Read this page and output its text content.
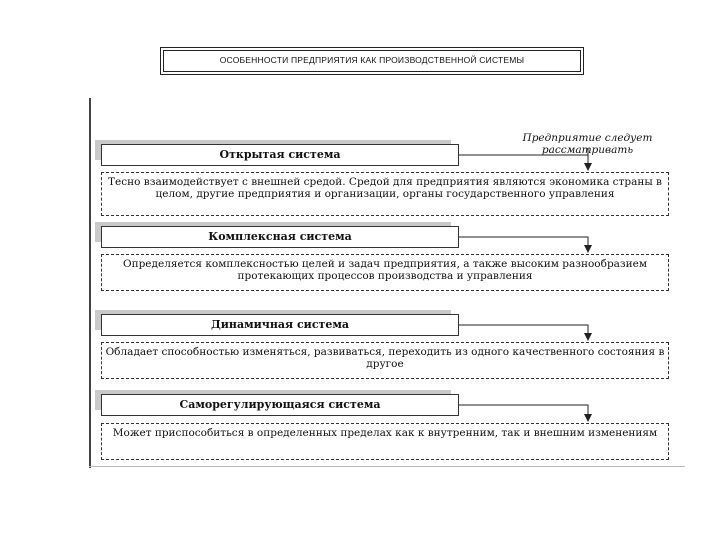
ОСОБЕННОСТИ ПРЕДПРИЯТИЯ КАК ПРОИЗВОДСТВЕННОЙ СИСТЕМЫ
Предприятие следует рассматривать
Открытая система
Тесно взаимодействует с внешней средой. Средой для предприятия являются экономика страны в целом, другие предприятия и организации, органы государственного управления
Комплексная система
Определяется комплексностью целей и задач предприятия, а также высоким разнообразием протекающих процессов производства и управления
Динамичная система
Обладает способностью изменяться, развиваться, переходить из одного качественного состояния в другое
Саморегулирующаяся система
Может приспособиться в определенных пределах как к внутренним, так и внешним изменениям
